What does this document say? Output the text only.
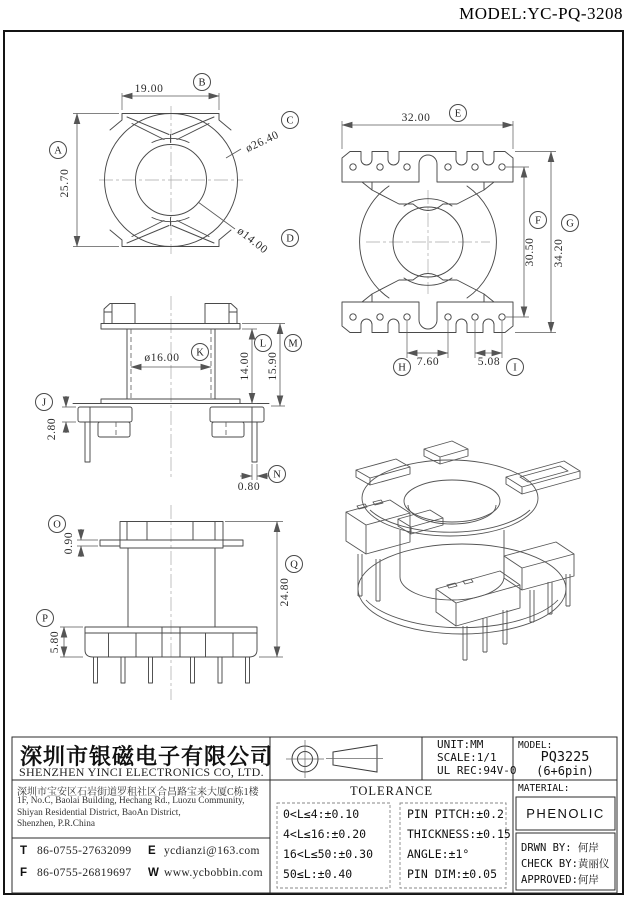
MODEL:YC-PQ-3208
19.00
25.70
ø26.40
ø14.00
32.00
30.50 34.20
7.60	5.08
ø16.00	14.00 15.90
2.80
0.80
0.90
5.80
24.80
A
B
C
D
E
F G
H	I
J
K
L M
N
O
P
Q
深圳市银磁电子有限公司
SHENZHEN YINCI ELECTRONICS CO, LTD.
深圳市宝安区石岩街道罗租社区合昌路宝来大厦C栋1楼
1F, No.C, Baolai Building, Hechang Rd., Luozu Community,
Shiyan Residential District, BaoAn District,
Shenzhen, P.R.China
T 86-0755-27632099
F 86-0755-26819697
E ycdianzi@163.com
W www.ycbobbin.com
UNIT:MM
SCALE:1/1
UL REC:94V-0
MODEL:
PQ3225
(6+6pin)
TOLERANCE
0<L≤4:±0.10
4<L≤16:±0.20
16<L≤50:±0.30
50≤L:±0.40
PIN PITCH:±0.2
THICKNESS:±0.15
ANGLE:±1°
PIN DIM:±0.05
MATERIAL:
PHENOLIC
DRWN BY: 何岸
CHECK BY:黄丽仪
APPROVED:何岸
